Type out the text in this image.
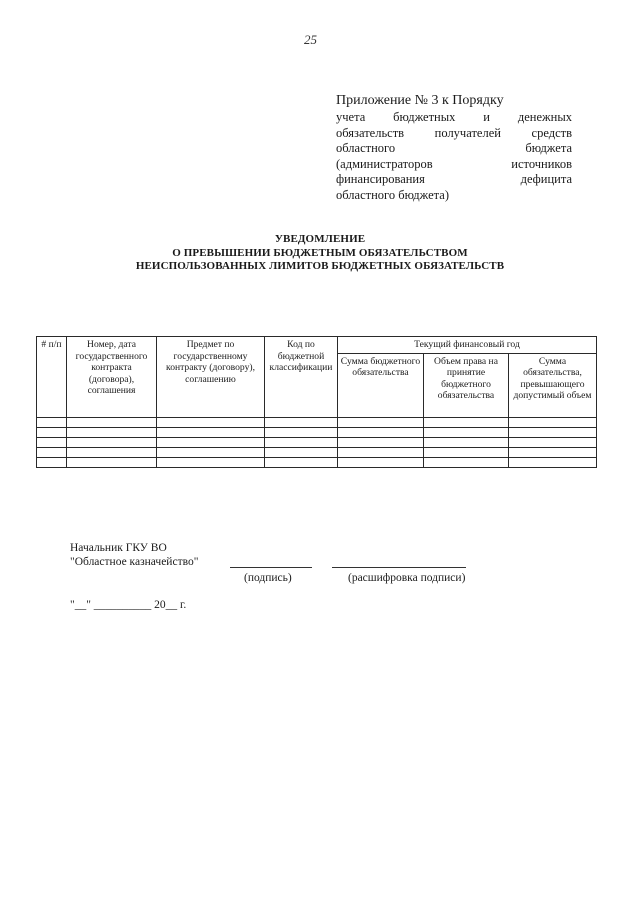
25
Приложение № 3 к Порядку
учета бюджетных и денежных
обязательств получателей средств
областного бюджета
(администраторов источников
финансирования дефицита
областного бюджета)
УВЕДОМЛЕНИЕ
О ПРЕВЫШЕНИИ БЮДЖЕТНЫМ ОБЯЗАТЕЛЬСТВОМ
НЕИСПОЛЬЗОВАННЫХ ЛИМИТОВ БЮДЖЕТНЫХ ОБЯЗАТЕЛЬСТВ
# п/п	Номер, дата государственного контракта (договора), соглашения	Предмет по государственному контракту (договору), соглашению	Код по бюджетной классификации	Текущий финансовый год		
				Сумма бюджетного обязательства	Объем права на принятие бюджетного обязательства	Сумма обязательства, превышающего допустимый объем

Начальник ГКУ ВО
"Областное казначейство"
(подпись)	(расшифровка подписи)
"__" __________ 20__ г.
